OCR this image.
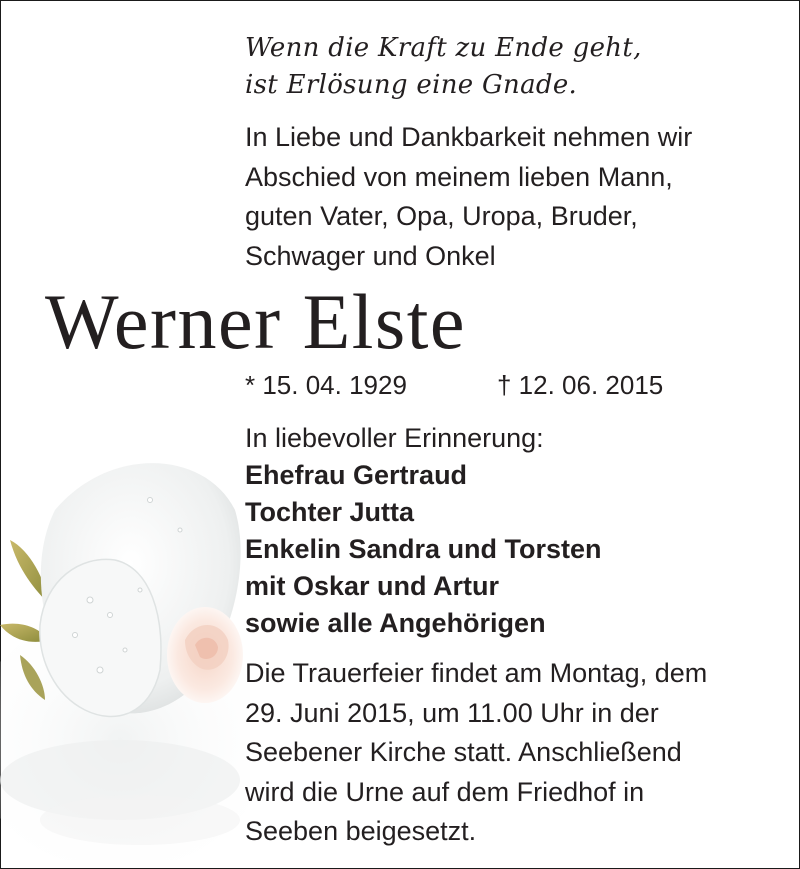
Wenn die Kraft zu Ende geht,
ist Erlösung eine Gnade.
In Liebe und Dankbarkeit nehmen wir
Abschied von meinem lieben Mann,
guten Vater, Opa, Uropa, Bruder,
Schwager und Onkel
Werner Elste
* 15. 04. 1929	† 12. 06. 2015
In liebevoller Erinnerung:
Ehefrau Gertraud
Tochter Jutta
Enkelin Sandra und Torsten
mit Oskar und Artur
sowie alle Angehörigen
Die Trauerfeier findet am Montag, dem
29. Juni 2015, um 11.00 Uhr in der
Seebener Kirche statt. Anschließend
wird die Urne auf dem Friedhof in
Seeben beigesetzt.
